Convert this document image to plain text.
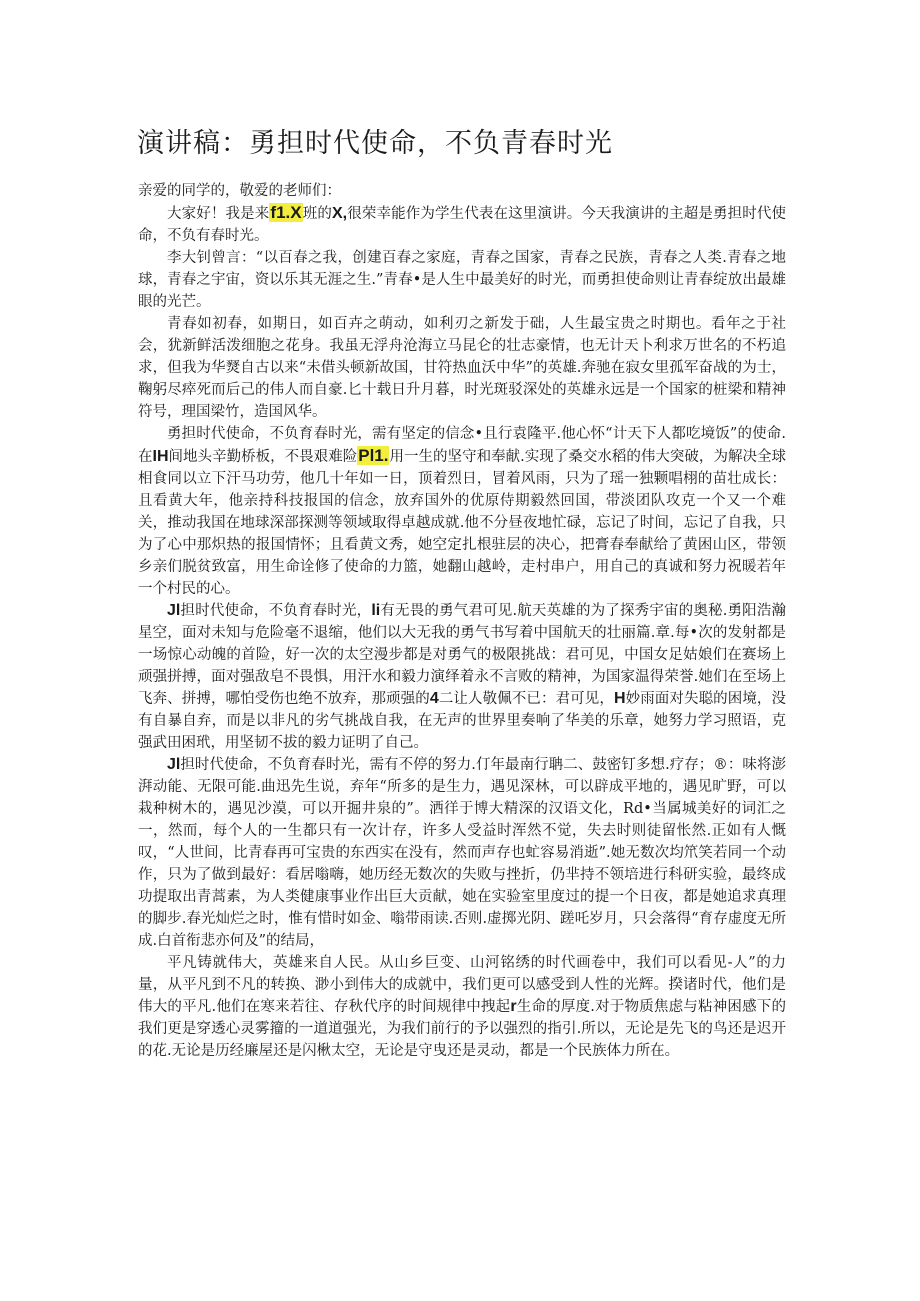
演讲稿：勇担时代使命，不负青春时光

亲爱的同学的，敬爱的老师们：

大家好！我是来f1.X班的X,很荣幸能作为学生代表在这里演讲。今天我演讲的主超是勇担时代使命，不负有春时光。

李大钊曾言：“以百春之我，创建百春之家庭，青春之国家，青春之民族，青春之人类.青春之地球，青春之宇宙，资以乐其无涯之生.”青春•是人生中最美好的时光，而勇担使命则让青春绽放出最雄眼的光芒。

青春如初春，如期日，如百卉之萌动，如利刃之新发于础，人生最宝贵之时期也。看年之于社会，犹新鲜活泼细胞之花身。我虽无浮舟沧海立马昆仑的壮志豪情，也无计天卜利求万世名的不朽追求，但我为华燹自古以来“未借头顿新故国，甘符热血沃中华”的英雄.奔驰在寂女里孤军奋战的为士，鞠躬尽瘁死而后己的伟人而自豪.匕十载日升月暮，时光斑驳深处的英雄永远是一个国家的桩梁和精神符号，理国梁竹，造国风华。

勇担时代使命，不负育春时光，需有坚定的信念•且行袁隆平.他心怀“计天下人都吃境饭”的使命.在IH间地头辛勤桥板，不畏艰难险Pl1.用一生的坚守和奉献.实现了桑交水稻的伟大突破，为解决全球相食同以立下汗马功劳，他几十年如一日，顶着烈日，冒着风雨，只为了瑶一独颗唱栩的苗壮成长：且看黄大年，他亲持科技报国的信念，放弃国外的优原侍期毅然回国，带淡团队攻克一个又一个难关，推动我国在地球深部探测等领域取得卓越成就.他不分昼夜地忙碌，忘记了时间，忘记了自我，只为了心中那炽热的报国情怀；且看黄文秀，她空定扎根驻层的决心，把膏春奉献给了黄困山区，带领乡亲们脱贫致富，用生命诠修了使命的力篮，她翻山越岭，走村串户，用自己的真诚和努力祝暖若年一个村民的心。

Jl担时代使命，不负育春时光，li有无畏的勇气君可见.航天英雄的为了探秀宇宙的奥秘.勇阳浩瀚星空，面对未知与危险毫不退缩，他们以大无我的勇气书写着中国航天的壮丽篇.章.每•次的发射都是一场惊心动魄的首险，好一次的太空漫步都是对勇气的极限挑战：君可见，中国女足姑娘们在赛场上顽强拼搏，面对强敌皂不畏惧，用汗水和毅力演绎着永不言败的精神，为国家温得荣誉.她们在至场上飞奔、拼搏，哪怕受伤也绝不放弃，那顽强的4二让人敬佩不已：君可见，H妙雨面对失聪的困境，没有自暴自弃，而是以非凡的劣气挑战自我，在无声的世界里奏响了华美的乐章，她努力学习照语，克强武田困玳，用坚韧不拔的毅力证明了自己。

Jl担时代使命，不负育春时光，需有不停的努力.仃年最南行聃二、鼓密钉多想.疗存；®：味将澎湃动能、无限可能.曲迅先生说，弃年“所多的是生力，遇见深林，可以辟成平地的，遇见旷野，可以栽种树木的，遇见沙漠，可以开掘井泉的”。洒徉于博大精深的汉语文化，Rd•当属城美好的词汇之一，然而，每个人的一生都只有一次计存，许多人受益时浑然不觉，失去时则徒留怅然.正如有人慨叹，“人世间，比青春再可宝贵的东西实在没有，然而声存也虻容易消逝”.她无数次均笊笑若同一个动作，只为了做到最好：看居嗡嗨，她历经无数次的失败与挫折，仍芈持不领培进行科研实验，最终成功提取出青蒿素，为人类健康事业作出巨大贡献，她在实验室里度过的提一个日夜，都是她追求真理的脚步.春光灿烂之时，惟有惜时如金、嗡带雨读.否则.虚掷光阴、蹉吒岁月，只会落得“育存虚度无所成.白首衔悲亦何及”的结局，

平凡铸就伟大，英雄来自人民。从山乡巨变、山河铭绣的时代画卷中，我们可以看见-人”的力量，从平凡到不凡的转换、渺小到伟大的成就中，我们更可以感受到人性的光辉。揆诸时代，他们是伟大的平凡.他们在寒来若往、存秋代序的时间规律中拽起r生命的厚度.对于物质焦虑与粘神困感下的我们更是穿透心灵雾籀的一道道强光，为我们前行的予以强烈的指引.所以，无论是先飞的鸟还是迟开的花.无论是历经廉屋还是闪楸太空，无论是守曳还是灵动，都是一个民族体力所在。
